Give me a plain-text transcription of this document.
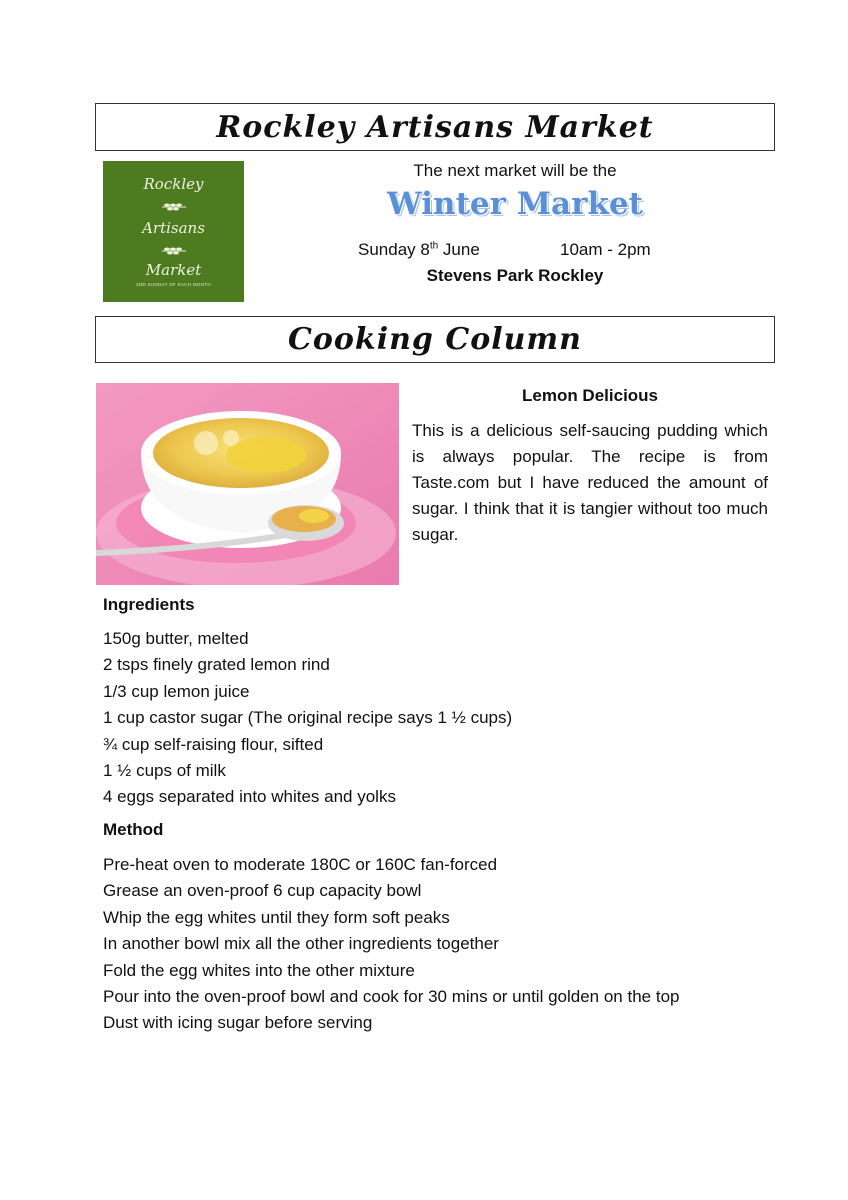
Rockley Artisans Market
Rockley
Artisans
Market
2ND SUNDAY OF EACH MONTH
The next market will be the
Winter Market
Sunday 8th June	10am - 2pm
Stevens Park Rockley
Cooking Column
Lemon Delicious

This is a delicious self-saucing pudding which is always popular. The recipe is from Taste.com but I have reduced the amount of sugar. I think that it is tangier without too much sugar.

Ingredients
150g butter, melted
2 tsps finely grated lemon rind
1/3 cup lemon juice
1 cup castor sugar (The original recipe says 1 ½ cups)
¾ cup self-raising flour, sifted
1 ½ cups of milk
4 eggs separated into whites and yolks
Method
Pre-heat oven to moderate 180C or 160C fan-forced
Grease an oven-proof 6 cup capacity bowl
Whip the egg whites until they form soft peaks
In another bowl mix all the other ingredients together
Fold the egg whites into the other mixture
Pour into the oven-proof bowl and cook for 30 mins or until golden on the top
Dust with icing sugar before serving
